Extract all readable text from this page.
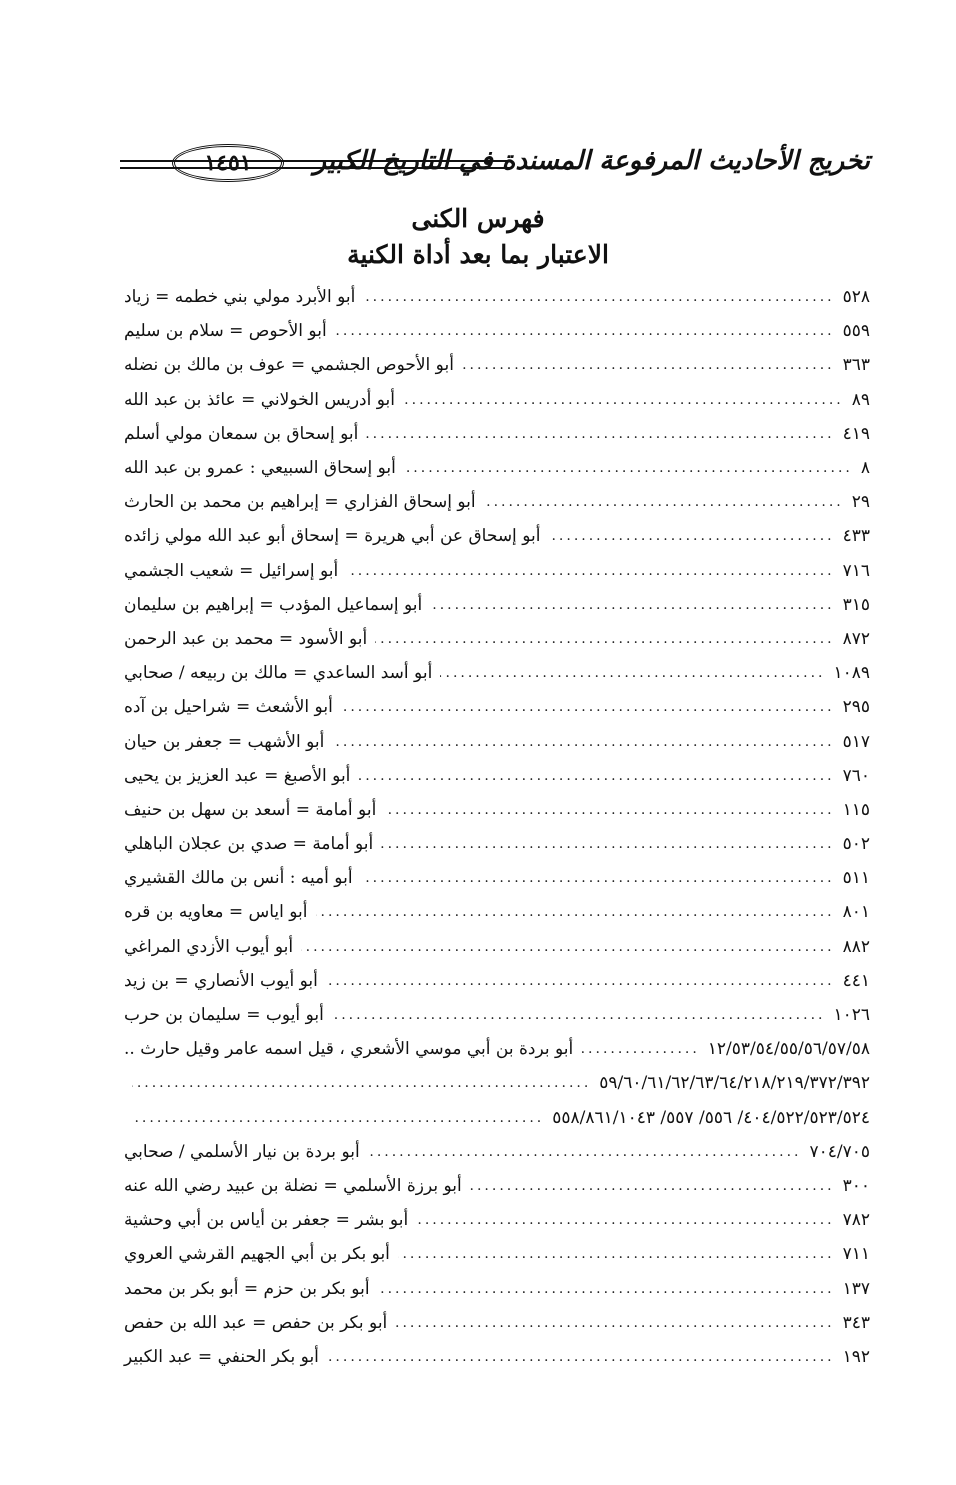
تخريج الأحاديث المرفوعة المسندة في التاريخ الكبير
١٤٥١
فهرس الكنى
الاعتبار بما بعد أداة الكنية
أبو الأبرد مولي بني خطمه = زياد .....	٥٢٨
أبو الأحوص = سلام بن سليم .....	٥٥٩
أبو الأحوص الجشمي = عوف بن مالك بن نضله .....	٣٦٣
أبو أدريس الخولاني = عائذ بن عبد الله .....	٨٩
أبو إسحاق بن سمعان مولي أسلم .....	٤١٩
أبو إسحاق السبيعي : عمرو بن عبد الله .....	٨
أبو إسحاق الفزاري = إبراهيم بن محمد بن الحارث .....	٢٩
أبو إسحاق عن أبي هريرة = إسحاق أبو عبد الله مولي زائده .....	٤٣٣
أبو إسرائيل = شعيب الجشمي .....	٧١٦
أبو إسماعيل المؤدب = إبراهيم بن سليمان .....	٣١٥
أبو الأسود = محمد بن عبد الرحمن .....	٨٧٢
أبو أسد الساعدي = مالك بن ربيعه / صحابي .....	١٠٨٩
أبو الأشعث = شراحيل بن آده .....	٢٩٥
أبو الأشهب = جعفر بن حيان .....	٥١٧
أبو الأصبغ = عبد العزيز بن يحيى .....	٧٦٠
أبو أمامة = أسعد بن سهل بن حنيف .....	١١٥
أبو أمامة = صدي بن عجلان الباهلي .....	٥٠٢
أبو أميه : أنس بن مالك القشيري .....	٥١١
أبو اياس = معاويه بن قره .....	٨٠١
أبو أيوب الأزدي المراغي .....	٨٨٢
أبو أيوب الأنصاري = بن زيد .....	٤٤١
أبو أيوب = سليمان بن حرب .....	١٠٢٦
أبو بردة بن أبي موسي الأشعري ، قيل اسمه عامر وقيل حارث .. .....	١٢/٥٣/٥٤/٥٥/٥٦/٥٧/٥٨
.....
٥٩/٦٠/٦١/٦٢/٦٣/٦٤/٢١٨/٢١٩/٣٧٢/٣٩٢
.....
٤٠٤/٥٢٢/٥٢٣/٥٢٤/ ٥٥٦/ ٥٥٧/ ٥٥٨/٨٦١/١٠٤٣
أبو بردة بن نيار الأسلمي / صحابي .....	٧٠٤/٧٠٥
أبو برزة الأسلمي = نضلة بن عبيد رضي الله عنه .....	٣٠٠
أبو بشر = جعفر بن أياس بن أبي وحشية .....	٧٨٢
أبو بكر بن أبي الجهيم القرشي العروي .....	٧١١
أبو بكر بن حزم = أبو بكر بن محمد .....	١٣٧
أبو بكر بن حفص = عبد الله بن حفص .....	٣٤٣
أبو بكر الحنفي = عبد الكبير .....	١٩٢
